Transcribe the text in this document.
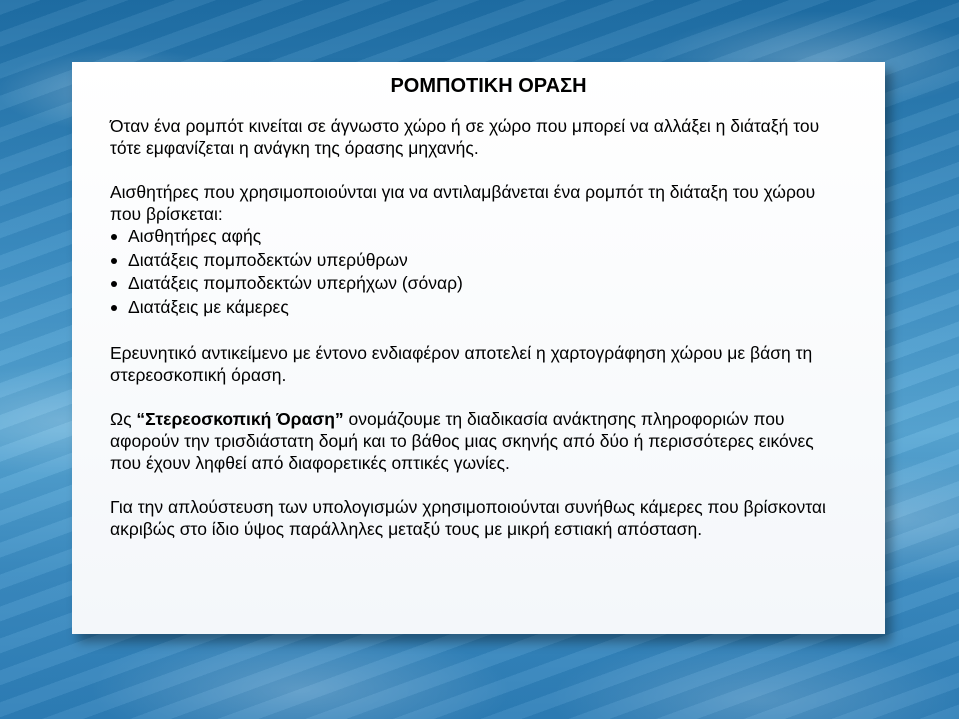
ΡΟΜΠΟΤΙΚΗ ΟΡΑΣΗ

Όταν ένα ρομπότ κινείται σε άγνωστο χώρο ή σε χώρο που μπορεί να αλλάξει η διάταξή του τότε εμφανίζεται η ανάγκη της όρασης μηχανής.

Αισθητήρες που χρησιμοποιούνται για να αντιλαμβάνεται ένα ρομπότ τη διάταξη του χώρου που βρίσκεται:

Αισθητήρες αφής
Διατάξεις πομποδεκτών υπερύθρων
Διατάξεις πομποδεκτών υπερήχων (σόναρ)
Διατάξεις με κάμερες

Ερευνητικό αντικείμενο με έντονο ενδιαφέρον αποτελεί η χαρτογράφηση χώρου με βάση τη στερεοσκοπική όραση.

Ως “Στερεοσκοπική Όραση” ονομάζουμε τη διαδικασία ανάκτησης πληροφοριών που αφορούν την τρισδιάστατη δομή και το βάθος μιας σκηνής από δύο ή περισσότερες εικόνες που έχουν ληφθεί από διαφορετικές οπτικές γωνίες.

Για την απλούστευση των υπολογισμών χρησιμοποιούνται συνήθως κάμερες που βρίσκονται ακριβώς στο ίδιο ύψος παράλληλες μεταξύ τους με μικρή εστιακή απόσταση.
